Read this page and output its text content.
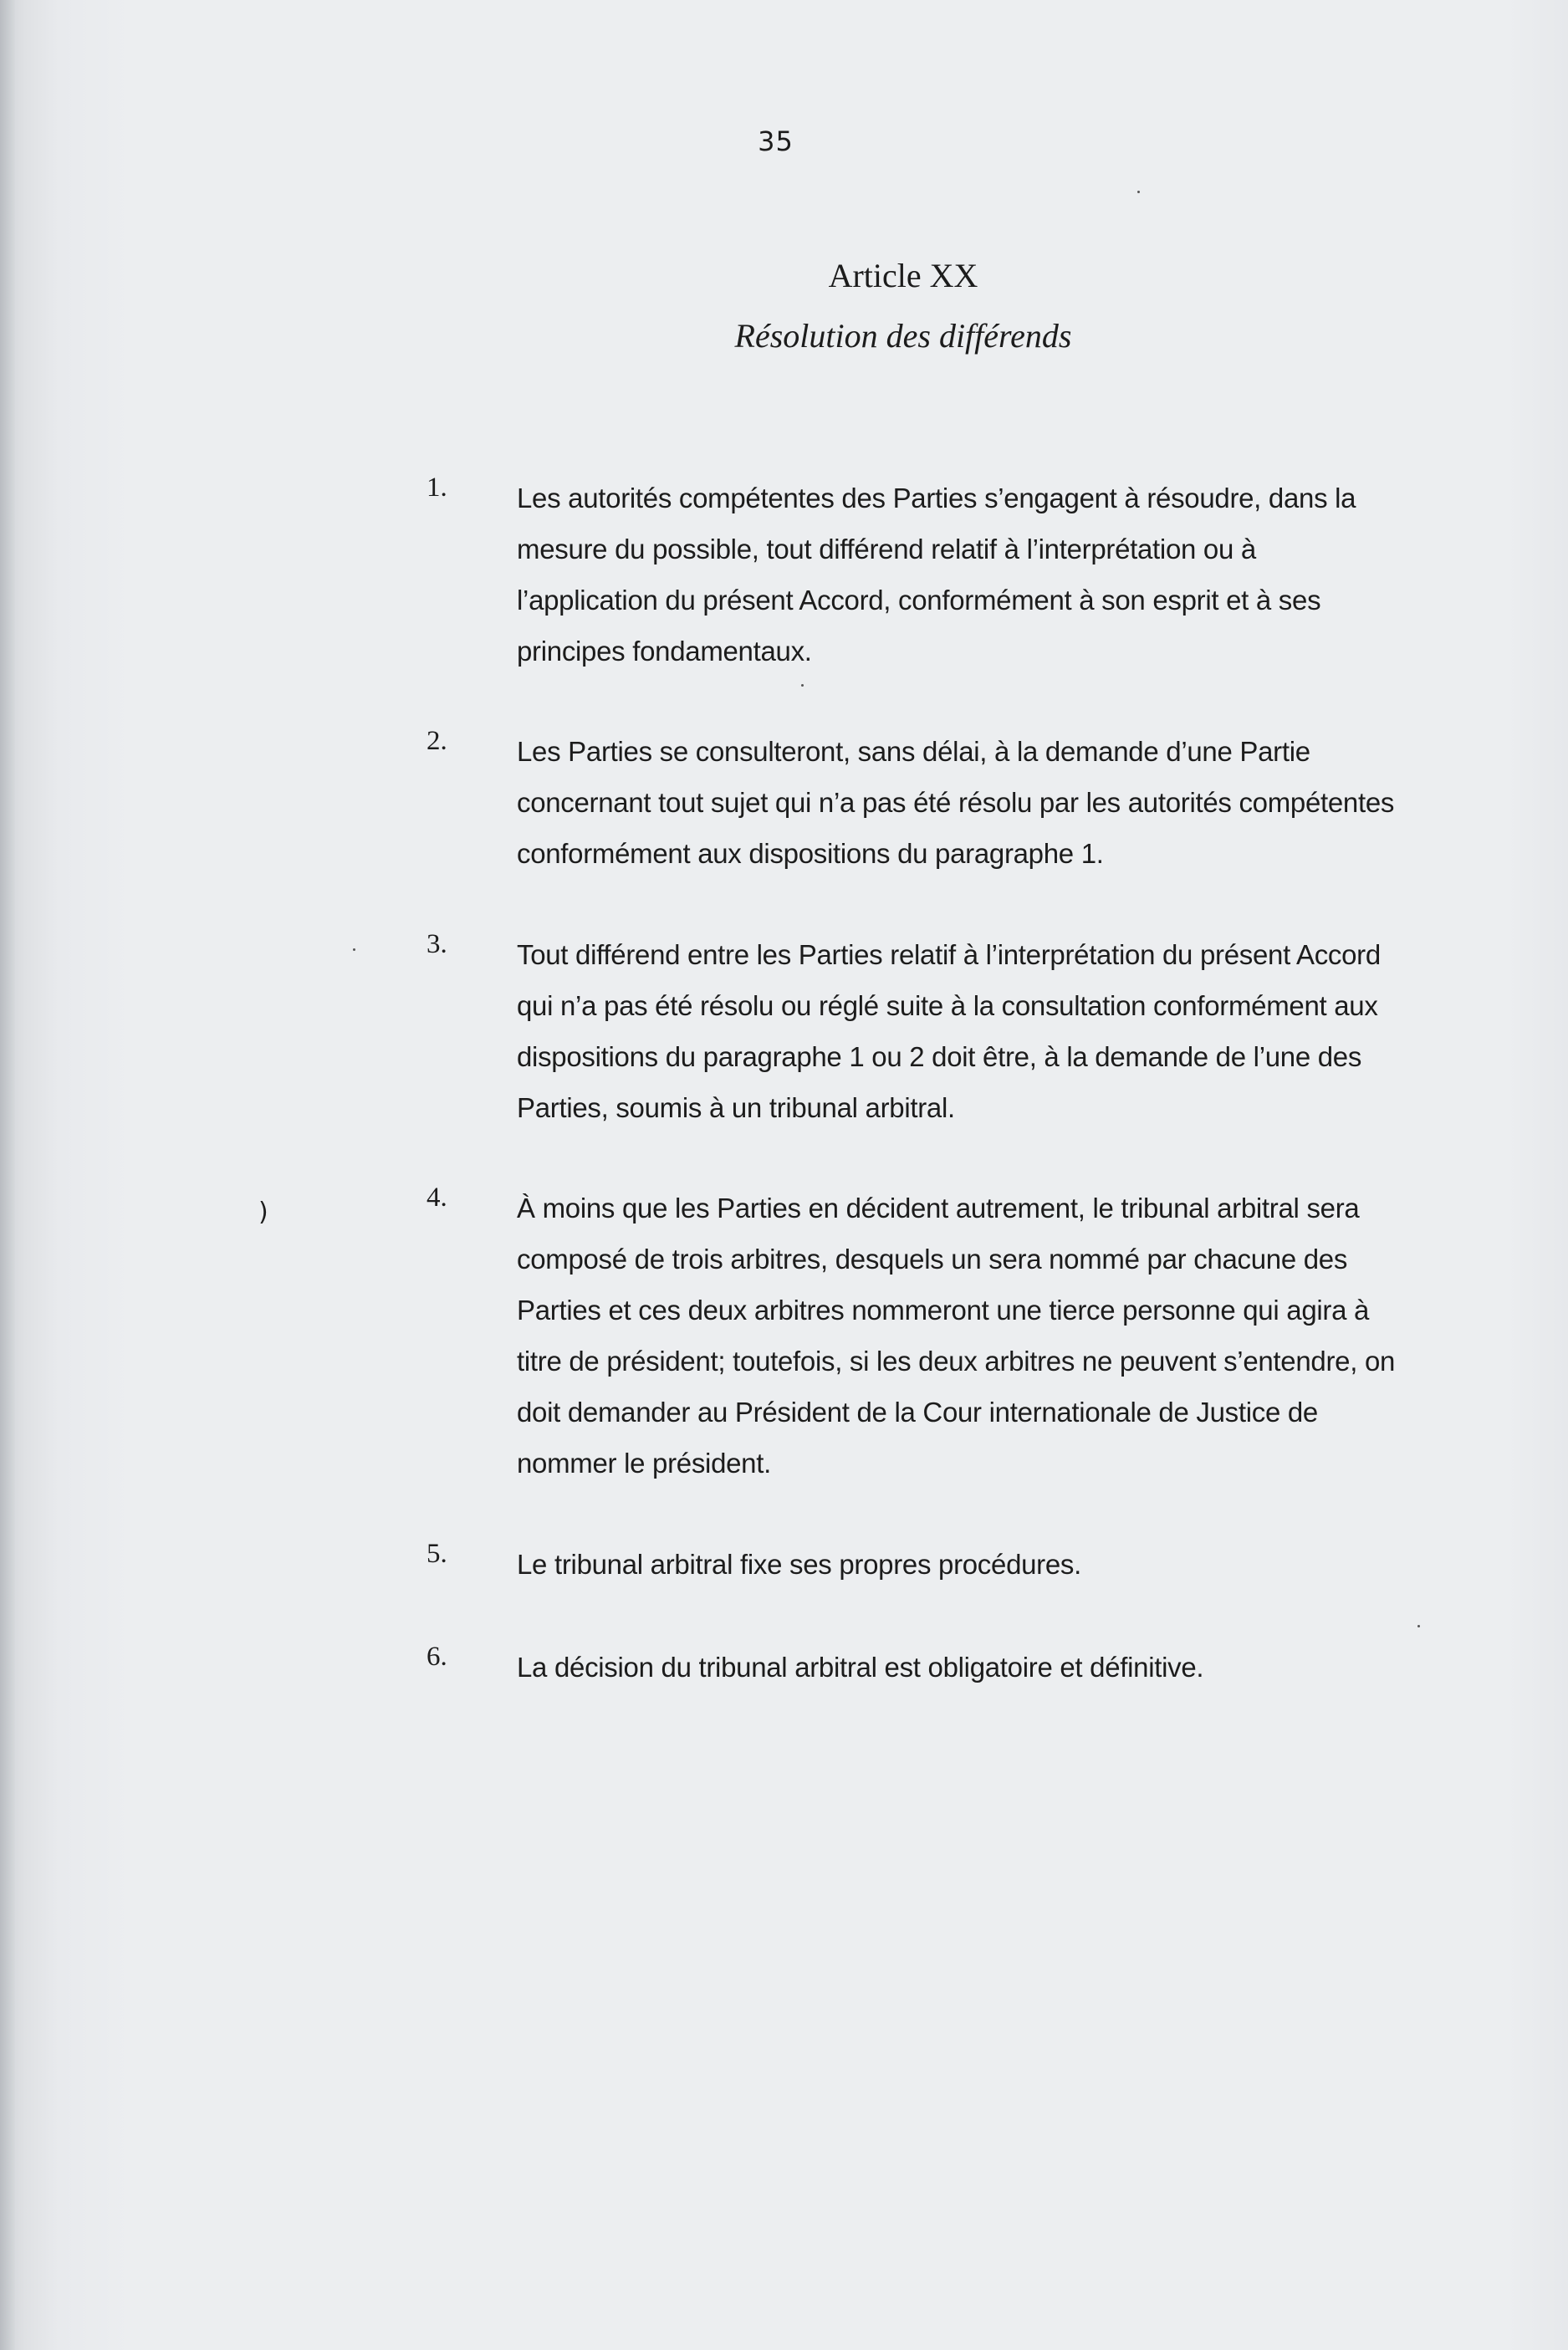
35
Article XX
Résolution des différends
1.	Les autorités compétentes des Parties s’engagent à résoudre, dans la mesure du possible, tout différend relatif à l’interprétation ou à l’application du présent Accord, conformément à son esprit et à ses principes fondamentaux.
2.	Les Parties se consulteront, sans délai, à la demande d’une Partie concernant tout sujet qui n’a pas été résolu par les autorités compétentes conformément aux dispositions du paragraphe 1.
3.	Tout différend entre les Parties relatif à l’interprétation du présent Accord qui n’a pas été résolu ou réglé suite à la consultation conformément aux dispositions du paragraphe 1 ou 2 doit être, à la demande de l’une des Parties, soumis à un tribunal arbitral.
4.	À moins que les Parties en décident autrement, le tribunal arbitral sera composé de trois arbitres, desquels un sera nommé par chacune des Parties et ces deux arbitres nommeront une tierce personne qui agira à titre de président; toutefois, si les deux arbitres ne peuvent s’entendre, on doit demander au Président de la Cour internationale de Justice de nommer le président.
5.	Le tribunal arbitral fixe ses propres procédures.
6.	La décision du tribunal arbitral est obligatoire et définitive.
)
